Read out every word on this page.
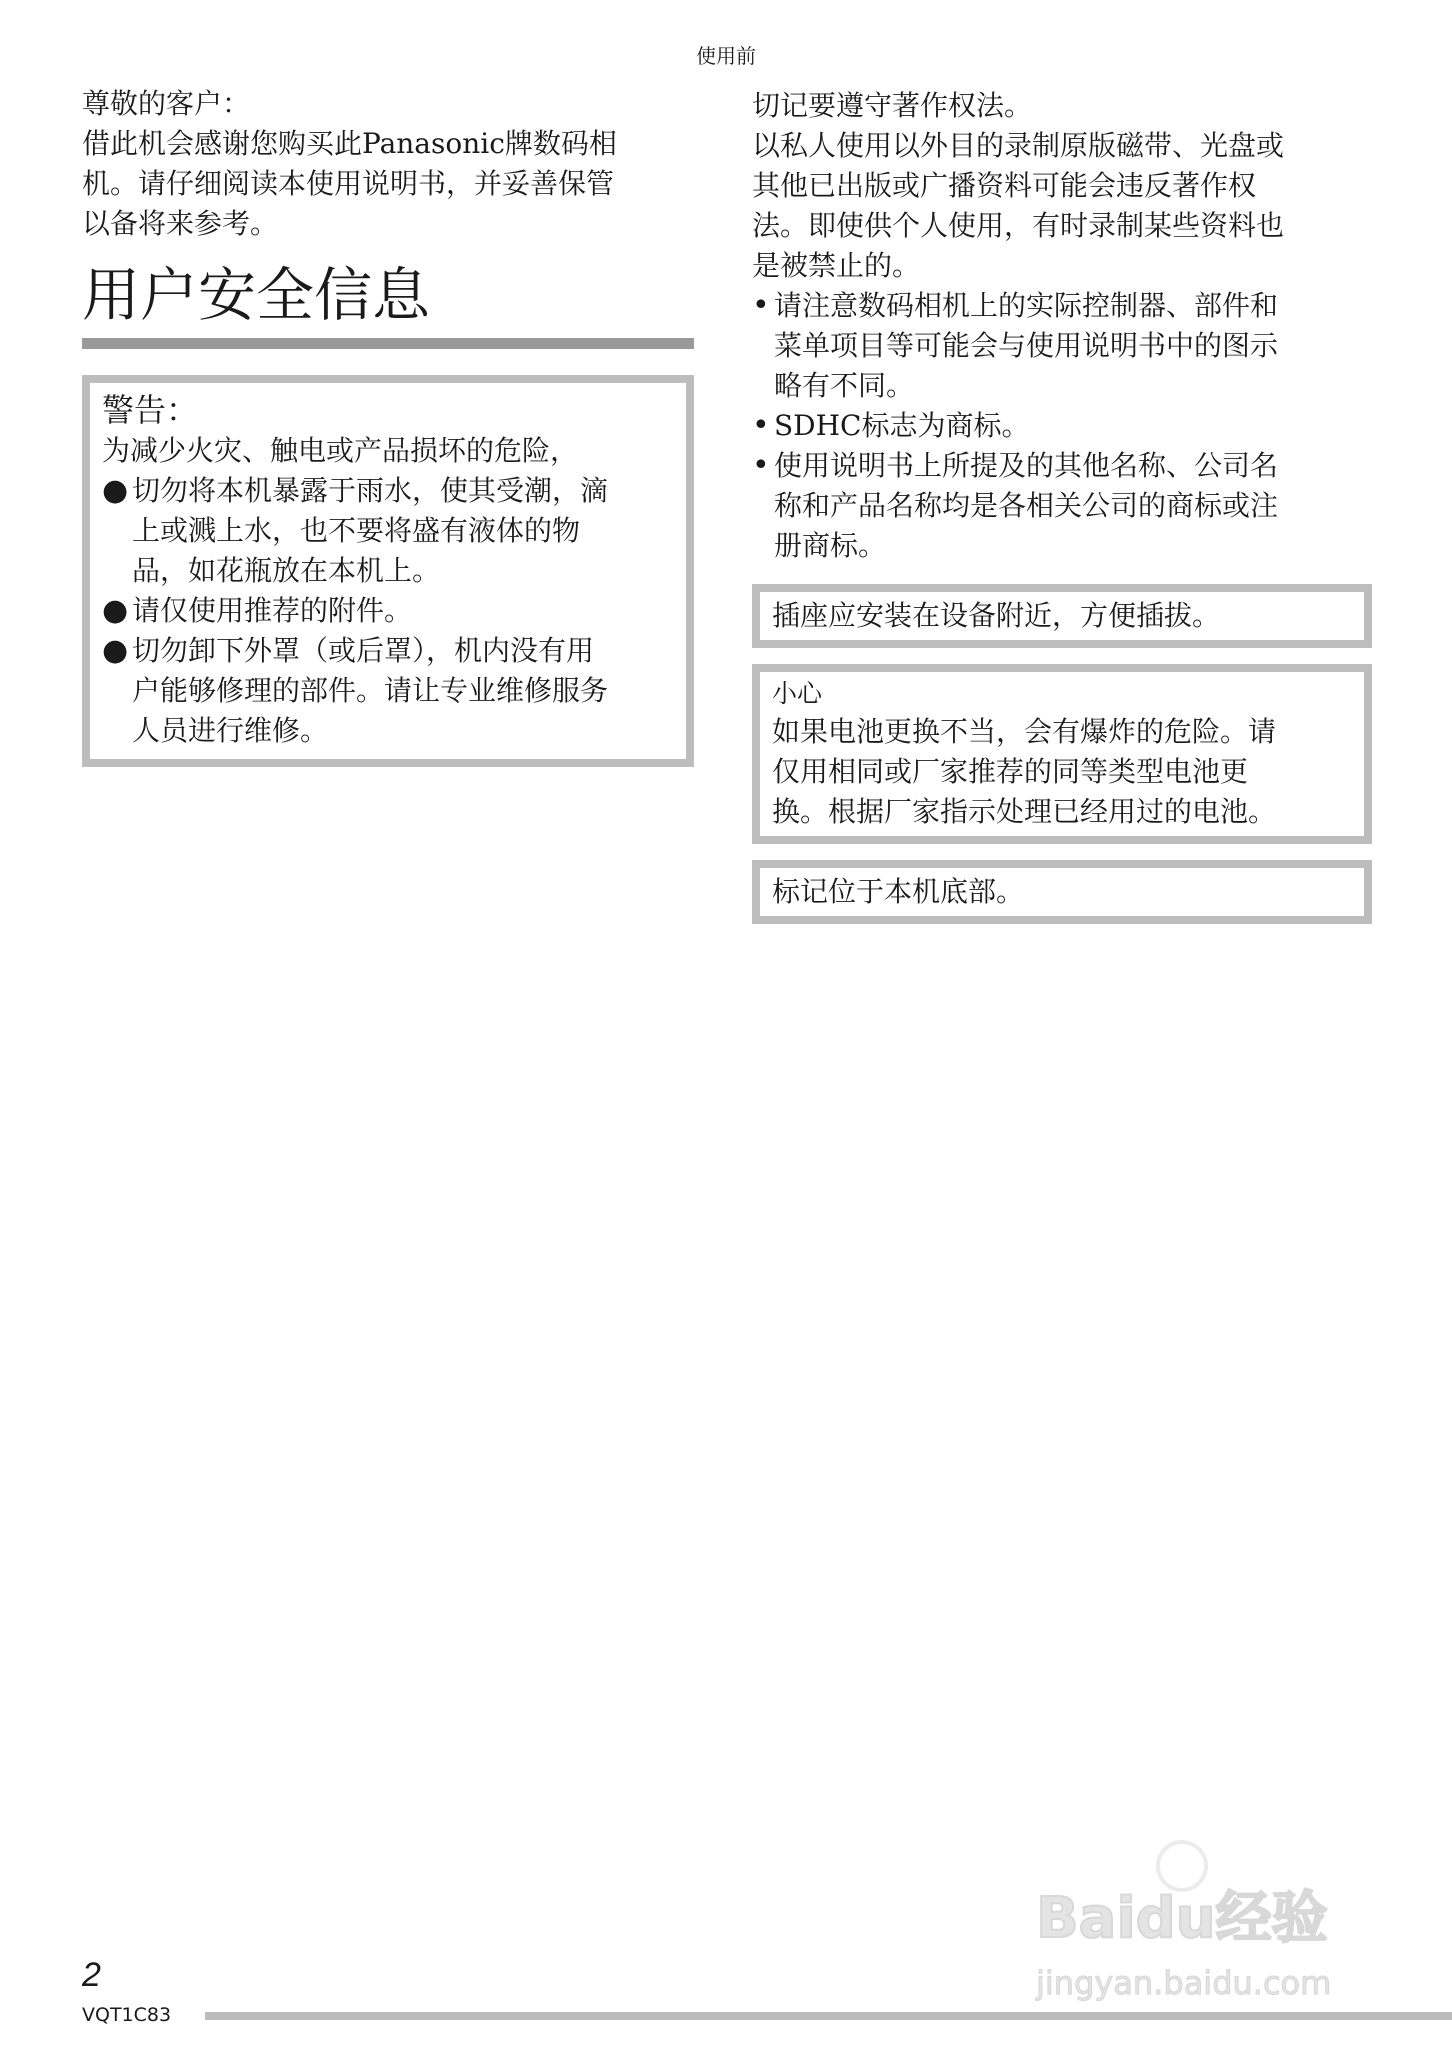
使用前

尊敬的客户：

借此机会感谢您购买此Panasonic牌数码相

机。请仔细阅读本使用说明书，并妥善保管

以备将来参考。

用户安全信息
警告：
为减少火灾、触电或产品损坏的危险，
● 切勿将本机暴露于雨水，使其受潮，滴
上或溅上水，也不要将盛有液体的物
品，如花瓶放在本机上。
● 请仅使用推荐的附件。
● 切勿卸下外罩（或后罩），机内没有用
户能够修理的部件。请让专业维修服务
人员进行维修。

切记要遵守著作权法。

以私人使用以外目的录制原版磁带、光盘或

其他已出版或广播资料可能会违反著作权

法。即使供个人使用，有时录制某些资料也

是被禁止的。

• 请注意数码相机上的实际控制器、部件和
菜单项目等可能会与使用说明书中的图示
略有不同。
• SDHC标志为商标。
• 使用说明书上所提及的其他名称、公司名
称和产品名称均是各相关公司的商标或注
册商标。
插座应安装在设备附近，方便插拔。
小心
如果电池更换不当，会有爆炸的危险。请
仅用相同或厂家推荐的同等类型电池更
换。根据厂家指示处理已经用过的电池。
标记位于本机底部。
2
VQT1C83
Baidu经验
jingyan.baidu.com
